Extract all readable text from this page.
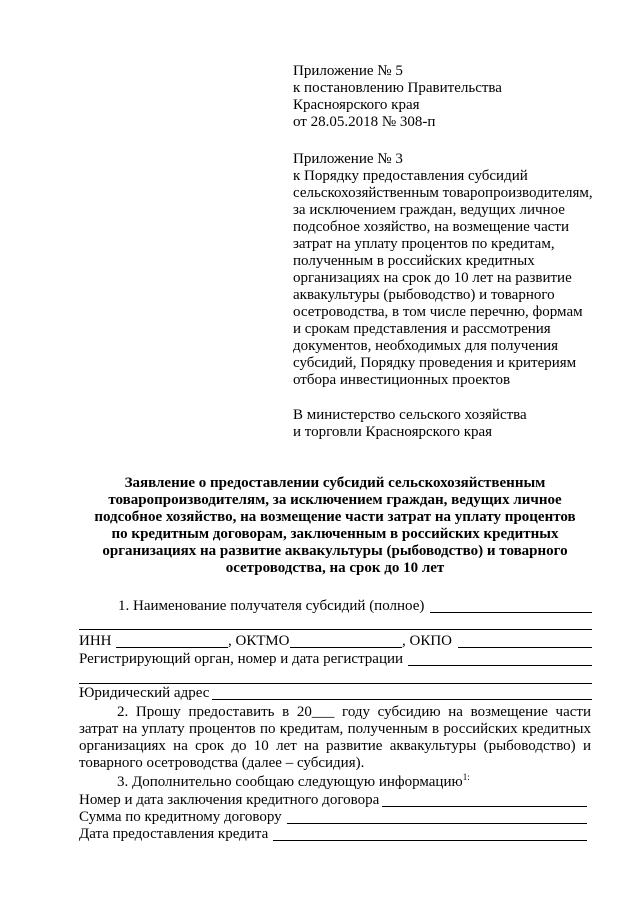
Приложение № 5
к постановлению Правительства
Красноярского края
от 28.05.2018 № 308-п
Приложение № 3
к Порядку предоставления субсидий
сельскохозяйственным товаропроизводителям,
за исключением граждан, ведущих личное
подсобное хозяйство, на возмещение части
затрат на уплату процентов по кредитам,
полученным в российских кредитных
организациях на срок до 10 лет на развитие
аквакультуры (рыбоводство) и товарного
осетроводства, в том числе перечню, формам
и срокам представления и рассмотрения
документов, необходимых для получения
субсидий, Порядку проведения и критериям
отбора инвестиционных проектов
В министерство сельского хозяйства
и торговли Красноярского края
Заявление о предоставлении субсидий сельскохозяйственным
товаропроизводителям, за исключением граждан, ведущих личное
подсобное хозяйство, на возмещение части затрат на уплату процентов
по кредитным договорам, заключенным в российских кредитных
организациях на развитие аквакультуры (рыбоводство) и товарного
осетроводства, на срок до 10 лет
1. Наименование получателя субсидий (полное)
ИНН	, ОКТМО	, ОКПО
Регистрирующий орган, номер и дата регистрации
Юридический адрес
2. Прошу предоставить в 20___ году субсидию на возмещение части затрат на уплату процентов по кредитам, полученным в российских кредитных организациях на срок до 10 лет на развитие аквакультуры (рыбоводство) и товарного осетроводства (далее – субсидия).
3. Дополнительно сообщаю следующую информацию$^{1:}$
Номер и дата заключения кредитного договора
Сумма по кредитному договору
Дата предоставления кредита
